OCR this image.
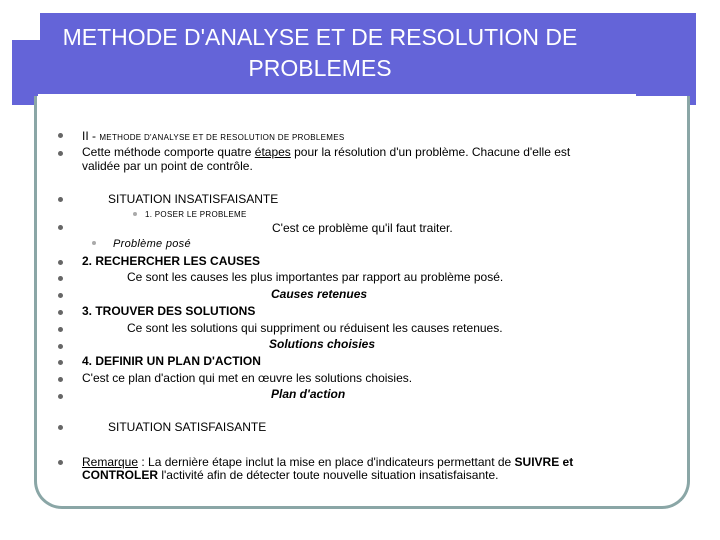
METHODE D'ANALYSE ET DE RESOLUTION DE
PROBLEMES
II - METHODE D'ANALYSE ET DE RESOLUTION DE PROBLEMES
Cette méthode comporte quatre étapes pour la résolution d'un problème. Chacune d'elle est
validée par un point de contrôle.
SITUATION INSATISFAISANTE
1. POSER LE PROBLEME
C'est ce problème qu'il faut traiter.
Problème posé
2. RECHERCHER LES CAUSES
Ce sont les causes les plus importantes par rapport au problème posé.
Causes retenues
3. TROUVER DES SOLUTIONS
Ce sont les solutions qui suppriment ou réduisent les causes retenues.
Solutions choisies
4. DEFINIR UN PLAN D'ACTION
C'est ce plan d'action qui met en œuvre les solutions choisies.
Plan d'action
SITUATION SATISFAISANTE
Remarque : La dernière étape inclut la mise en place d'indicateurs permettant de SUIVRE et
CONTROLER l'activité afin de détecter toute nouvelle situation insatisfaisante.
